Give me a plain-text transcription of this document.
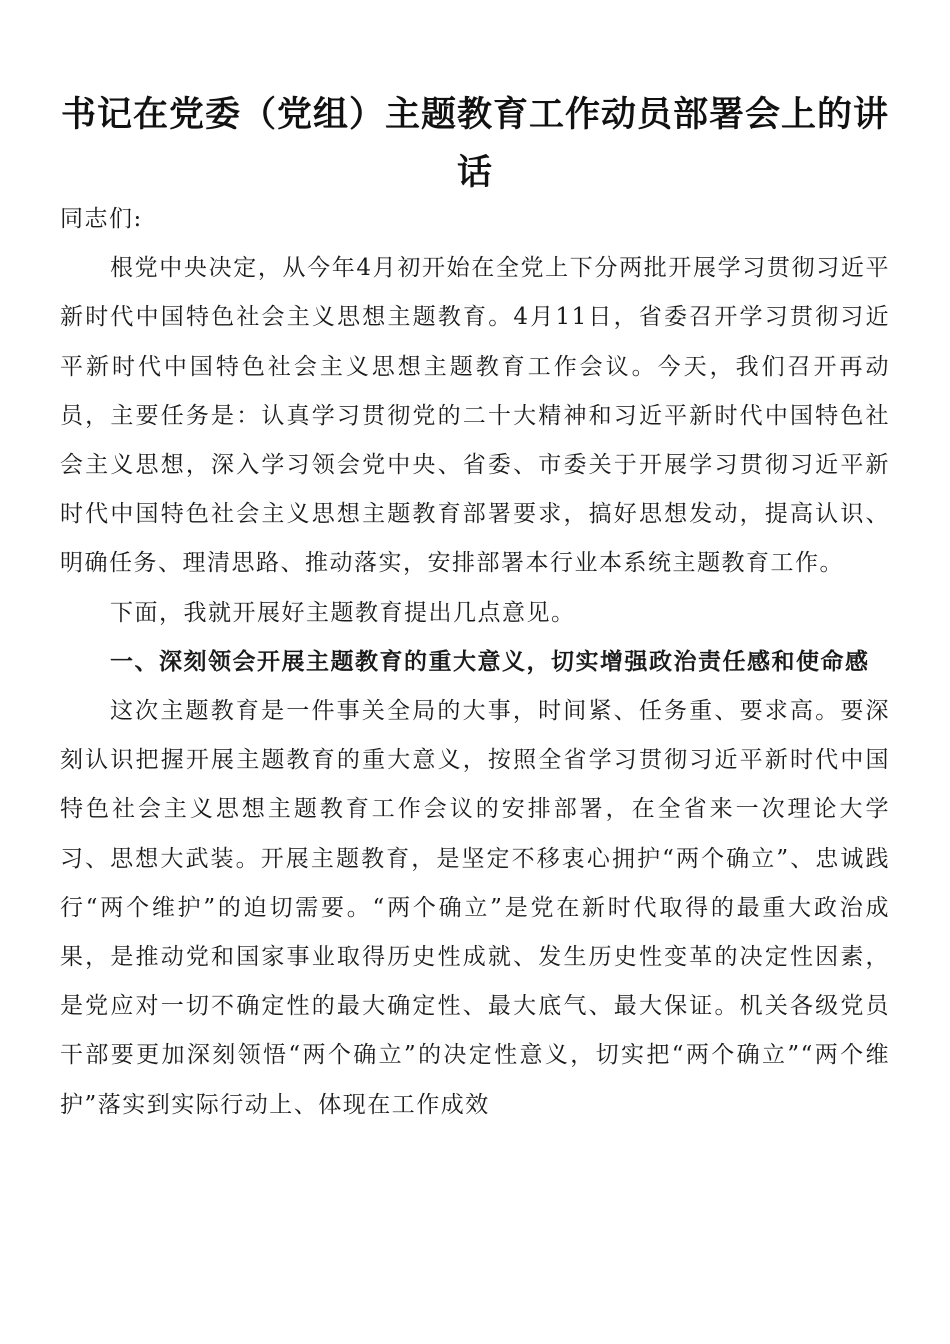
书记在党委（党组）主题教育工作动员部署会上的讲话

同志们:

根党中央决定，从今年4月初开始在全党上下分两批开展学习贯彻习近平新时代中国特色社会主义思想主题教育。4月11日，省委召开学习贯彻习近平新时代中国特色社会主义思想主题教育工作会议。今天，我们召开再动员，主要任务是：认真学习贯彻党的二十大精神和习近平新时代中国特色社会主义思想，深入学习领会党中央、省委、市委关于开展学习贯彻习近平新时代中国特色社会主义思想主题教育部署要求，搞好思想发动，提高认识、明确任务、理清思路、推动落实，安排部署本行业本系统主题教育工作。

下面，我就开展好主题教育提出几点意见。

一、深刻领会开展主题教育的重大意义，切实增强政治责任感和使命感

这次主题教育是一件事关全局的大事，时间紧、任务重、要求高。要深刻认识把握开展主题教育的重大意义，按照全省学习贯彻习近平新时代中国特色社会主义思想主题教育工作会议的安排部署，在全省来一次理论大学习、思想大武装。开展主题教育，是坚定不移衷心拥护“两个确立”、忠诚践行“两个维护”的迫切需要。“两个确立”是党在新时代取得的最重大政治成果，是推动党和国家事业取得历史性成就、发生历史性变革的决定性因素，是党应对一切不确定性的最大确定性、最大底气、最大保证。机关各级党员干部要更加深刻领悟“两个确立”的决定性意义，切实把“两个确立”“两个维护”落实到实际行动上、体现在工作成效
